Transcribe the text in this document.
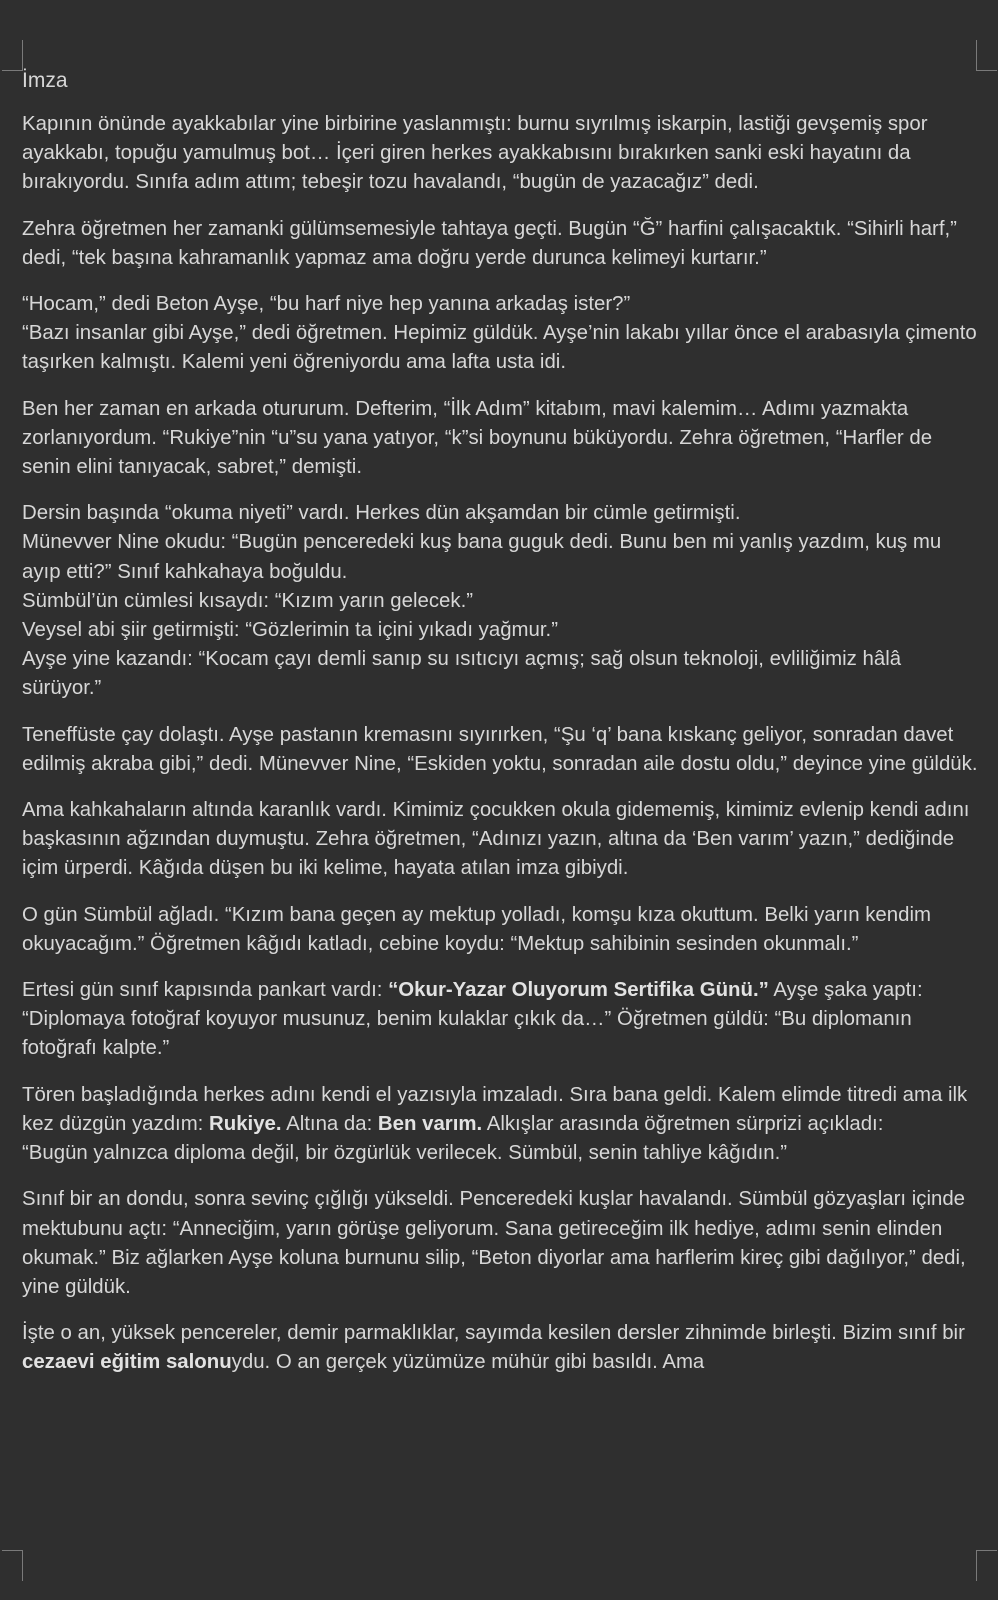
İmza

Kapının önünde ayakkabılar yine birbirine yaslanmıştı: burnu sıyrılmış iskarpin, lastiği gevşemiş spor ayakkabı, topuğu yamulmuş bot… İçeri giren herkes ayakkabısını bırakırken sanki eski hayatını da bırakıyordu. Sınıfa adım attım; tebeşir tozu havalandı, “bugün de yazacağız” dedi.

Zehra öğretmen her zamanki gülümsemesiyle tahtaya geçti. Bugün “Ğ” harfini çalışacaktık. “Sihirli harf,” dedi, “tek başına kahramanlık yapmaz ama doğru yerde durunca kelimeyi kurtarır.”

“Hocam,” dedi Beton Ayşe, “bu harf niye hep yanına arkadaş ister?”
“Bazı insanlar gibi Ayşe,” dedi öğretmen. Hepimiz güldük. Ayşe’nin lakabı yıllar önce el arabasıyla çimento taşırken kalmıştı. Kalemi yeni öğreniyordu ama lafta usta idi.

Ben her zaman en arkada otururum. Defterim, “İlk Adım” kitabım, mavi kalemim… Adımı yazmakta zorlanıyordum. “Rukiye”nin “u”su yana yatıyor, “k”si boynunu büküyordu. Zehra öğretmen, “Harfler de senin elini tanıyacak, sabret,” demişti.

Dersin başında “okuma niyeti” vardı. Herkes dün akşamdan bir cümle getirmişti.
Münevver Nine okudu: “Bugün penceredeki kuş bana guguk dedi. Bunu ben mi yanlış yazdım, kuş mu ayıp etti?” Sınıf kahkahaya boğuldu.
Sümbül’ün cümlesi kısaydı: “Kızım yarın gelecek.”
Veysel abi şiir getirmişti: “Gözlerimin ta içini yıkadı yağmur.”
Ayşe yine kazandı: “Kocam çayı demli sanıp su ısıtıcıyı açmış; sağ olsun teknoloji, evliliğimiz hâlâ sürüyor.”

Teneffüste çay dolaştı. Ayşe pastanın kremasını sıyırırken, “Şu ‘q’ bana kıskanç geliyor, sonradan davet edilmiş akraba gibi,” dedi. Münevver Nine, “Eskiden yoktu, sonradan aile dostu oldu,” deyince yine güldük.

Ama kahkahaların altında karanlık vardı. Kimimiz çocukken okula gidememiş, kimimiz evlenip kendi adını başkasının ağzından duymuştu. Zehra öğretmen, “Adınızı yazın, altına da ‘Ben varım’ yazın,” dediğinde içim ürperdi. Kâğıda düşen bu iki kelime, hayata atılan imza gibiydi.

O gün Sümbül ağladı. “Kızım bana geçen ay mektup yolladı, komşu kıza okuttum. Belki yarın kendim okuyacağım.” Öğretmen kâğıdı katladı, cebine koydu: “Mektup sahibinin sesinden okunmalı.”

Ertesi gün sınıf kapısında pankart vardı: “Okur-Yazar Oluyorum Sertifika Günü.” Ayşe şaka yaptı: “Diplomaya fotoğraf koyuyor musunuz, benim kulaklar çıkık da…” Öğretmen güldü: “Bu diplomanın fotoğrafı kalpte.”

Tören başladığında herkes adını kendi el yazısıyla imzaladı. Sıra bana geldi. Kalem elimde titredi ama ilk kez düzgün yazdım: Rukiye. Altına da: Ben varım. Alkışlar arasında öğretmen sürprizi açıkladı:
“Bugün yalnızca diploma değil, bir özgürlük verilecek. Sümbül, senin tahliye kâğıdın.”

Sınıf bir an dondu, sonra sevinç çığlığı yükseldi. Penceredeki kuşlar havalandı. Sümbül gözyaşları içinde mektubunu açtı: “Anneciğim, yarın görüşe geliyorum. Sana getireceğim ilk hediye, adımı senin elinden okumak.” Biz ağlarken Ayşe koluna burnunu silip, “Beton diyorlar ama harflerim kireç gibi dağılıyor,” dedi, yine güldük.

İşte o an, yüksek pencereler, demir parmaklıklar, sayımda kesilen dersler zihnimde birleşti. Bizim sınıf bir cezaevi eğitim salonuydu. O an gerçek yüzümüze mühür gibi basıldı. Ama
